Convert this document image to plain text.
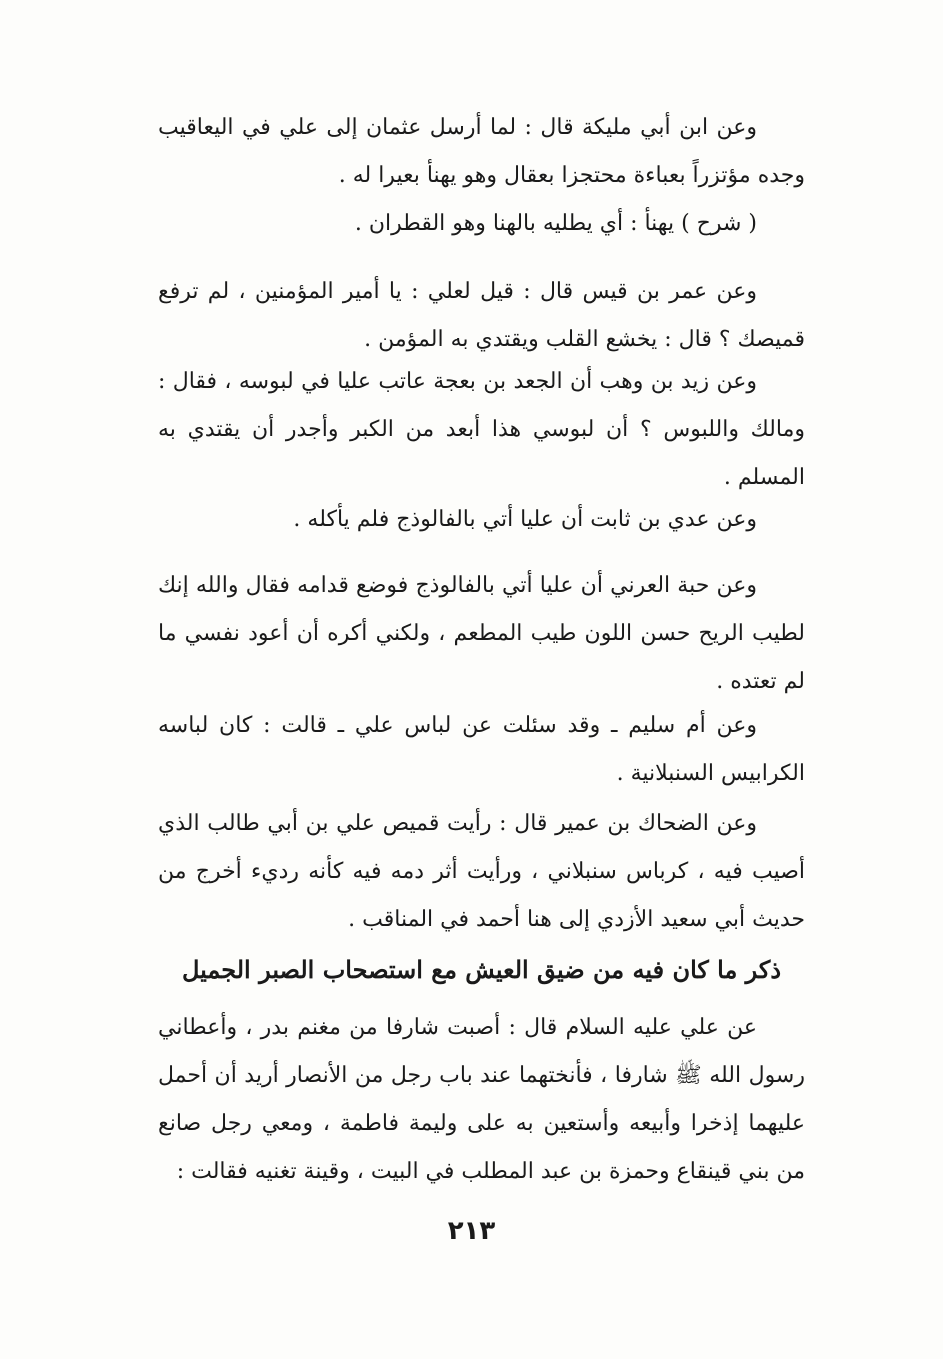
وعن ابن أبي مليكة قال : لما أرسل عثمان إلى علي في اليعاقيب وجده مؤتزراً بعباءة محتجزا بعقال وهو يهنأ بعيرا له .

( شرح ) يهنأ : أي يطليه بالهنا وهو القطران .

وعن عمر بن قيس قال : قيل لعلي : يا أمير المؤمنين ، لم ترفع قميصك ؟ قال : يخشع القلب ويقتدي به المؤمن .

وعن زيد بن وهب أن الجعد بن بعجة عاتب عليا في لبوسه ، فقال : ومالك واللبوس ؟ أن لبوسي هذا أبعد من الكبر وأجدر أن يقتدي به المسلم .

وعن عدي بن ثابت أن عليا أتي بالفالوذج فلم يأكله .

وعن حبة العرني أن عليا أتي بالفالوذج فوضع قدامه فقال والله إنك لطيب الريح حسن اللون طيب المطعم ، ولكني أكره أن أعود نفسي ما لم تعتده .

وعن أم سليم ـ وقد سئلت عن لباس علي ـ قالت : كان لباسه الكرابيس السنبلانية .

وعن الضحاك بن عمير قال : رأيت قميص علي بن أبي طالب الذي أصيب فيه ، كرباس سنبلاني ، ورأيت أثر دمه فيه كأنه رديء أخرج من حديث أبي سعيد الأزدي إلى هنا أحمد في المناقب .

ذكر ما كان فيه من ضيق العيش مع استصحاب الصبر الجميل

عن علي عليه السلام قال : أصبت شارفا من مغنم بدر ، وأعطاني رسول الله ﷺ شارفا ، فأنختهما عند باب رجل من الأنصار أريد أن أحمل عليهما إذخرا وأبيعه وأستعين به على وليمة فاطمة ، ومعي رجل صانع من بني قينقاع وحمزة بن عبد المطلب في البيت ، وقينة تغنيه فقالت :

٢١٣
